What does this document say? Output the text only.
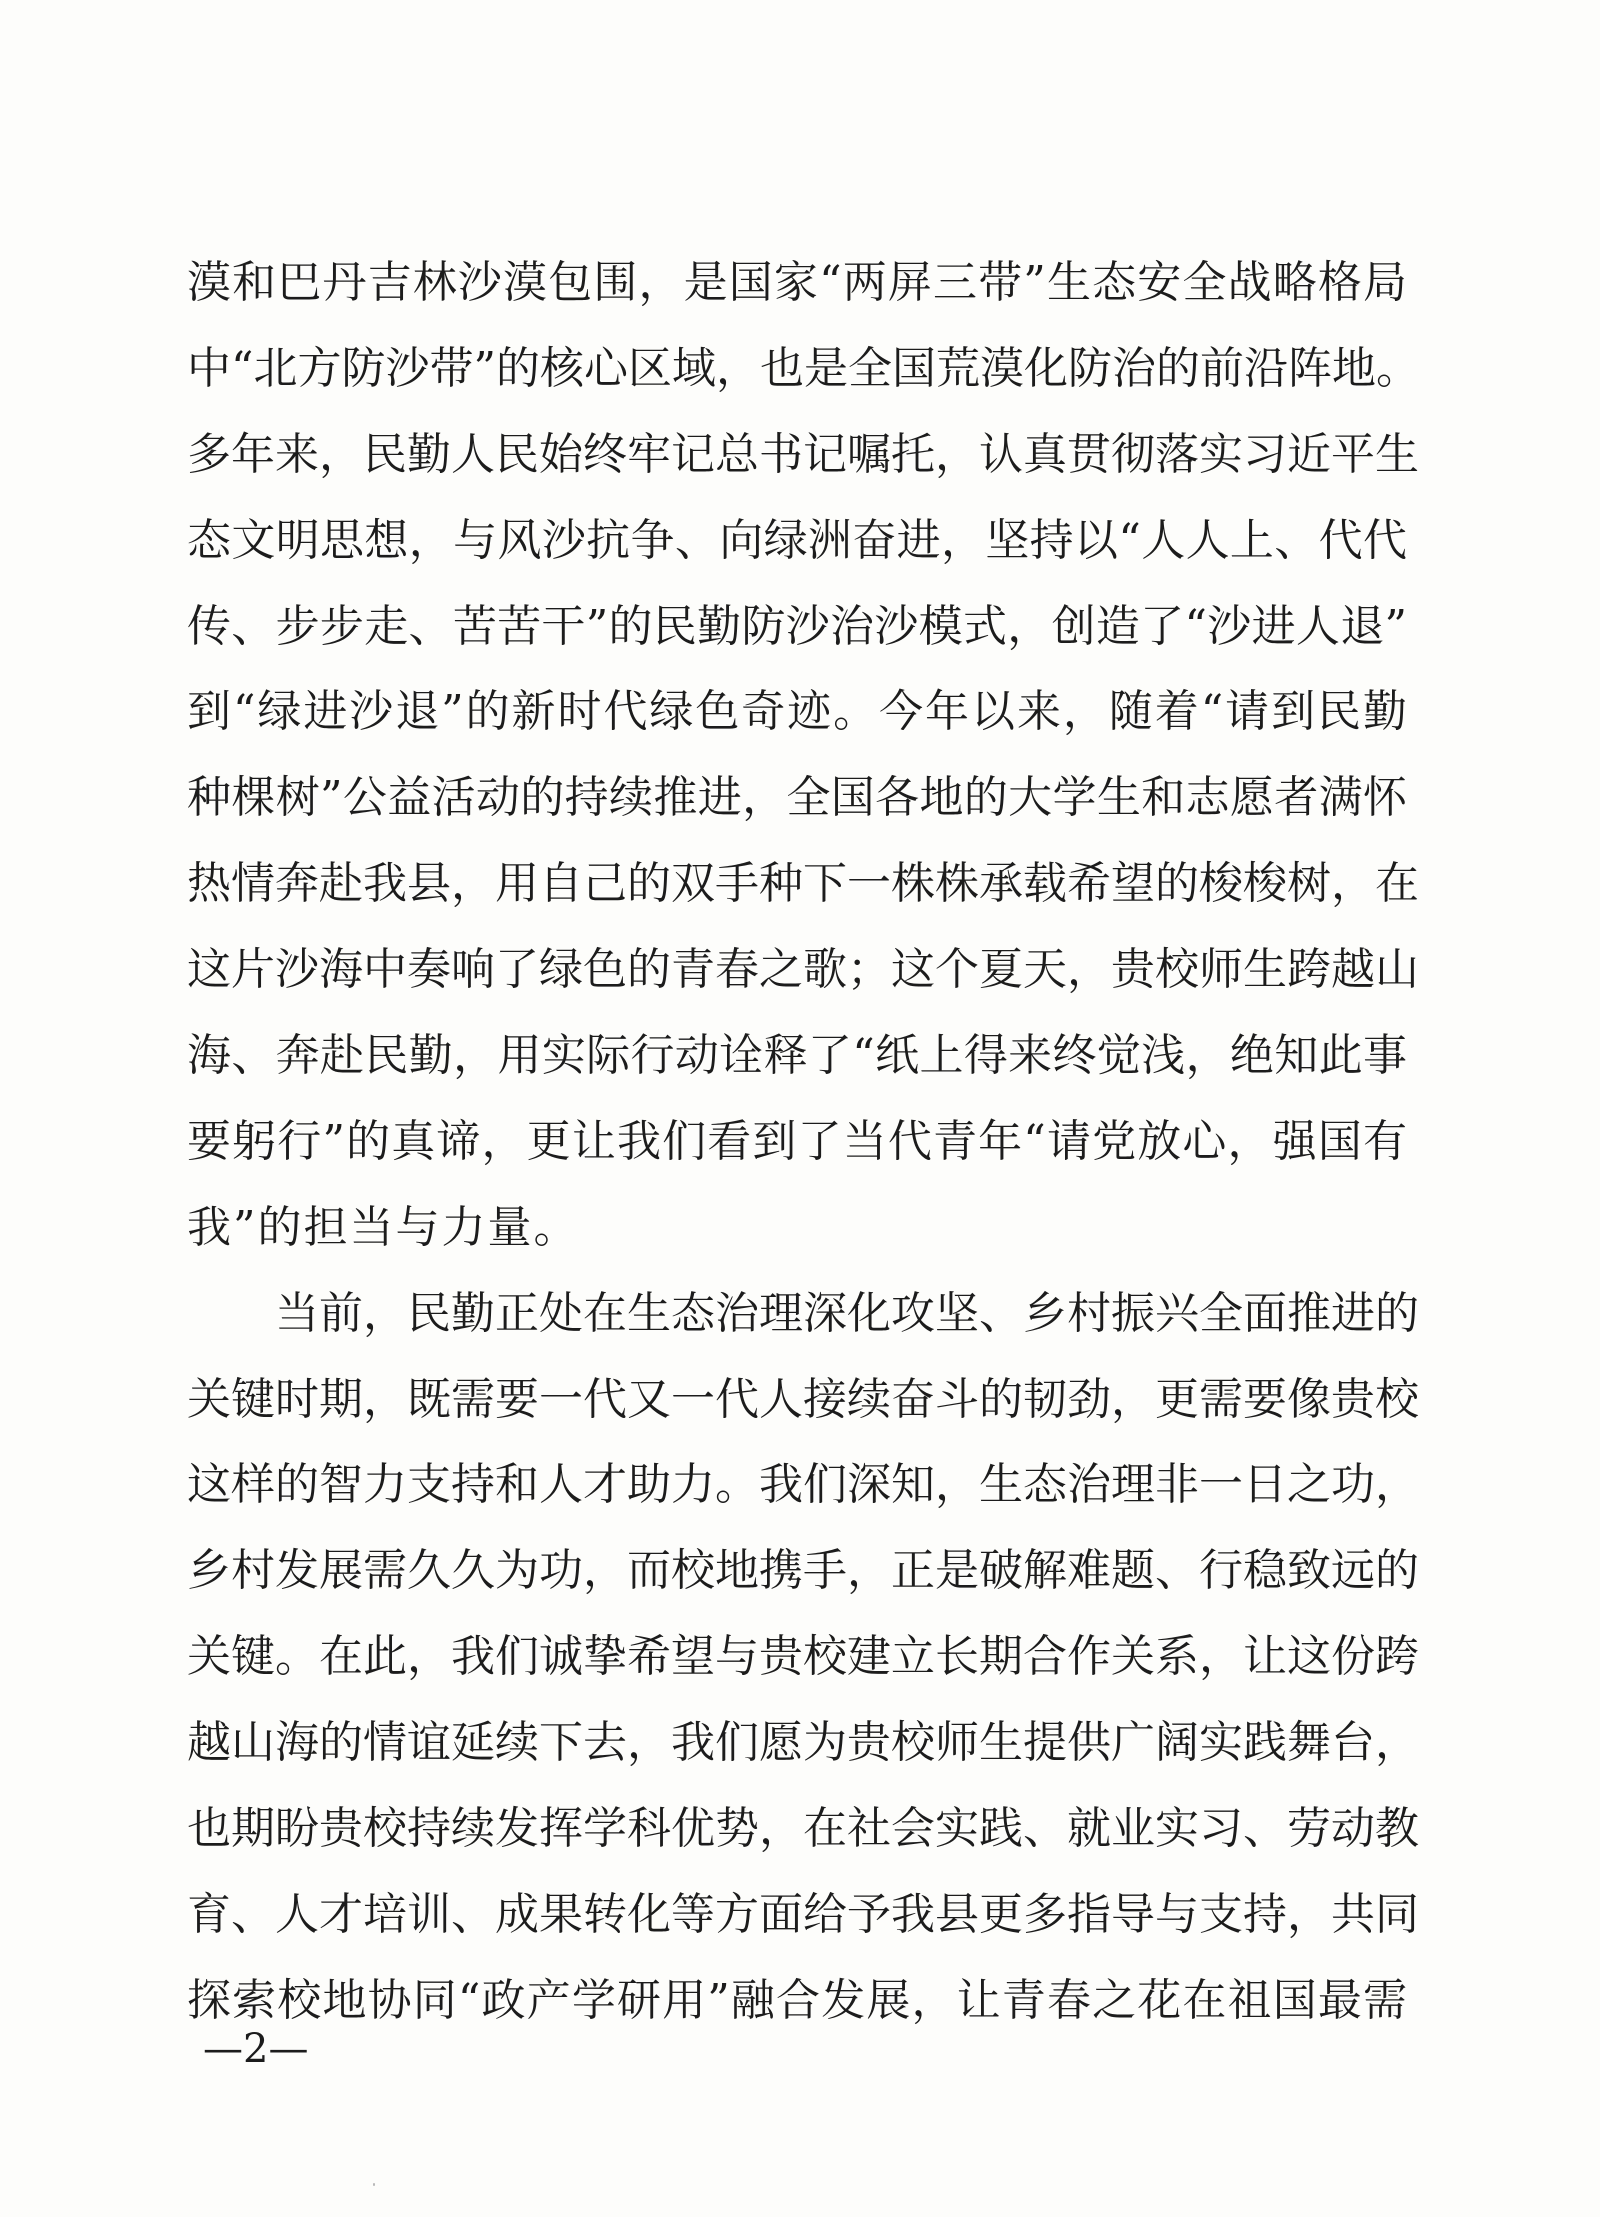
漠和巴丹吉林沙漠包围，是国家“两屏三带”生态安全战略格局
中“北方防沙带”的核心区域，也是全国荒漠化防治的前沿阵地。
多年来，民勤人民始终牢记总书记嘱托，认真贯彻落实习近平生
态文明思想，与风沙抗争、向绿洲奋进，坚持以“人人上、代代
传、步步走、苦苦干”的民勤防沙治沙模式，创造了“沙进人退”
到“绿进沙退”的新时代绿色奇迹。今年以来，随着“请到民勤
种棵树”公益活动的持续推进，全国各地的大学生和志愿者满怀
热情奔赴我县，用自己的双手种下一株株承载希望的梭梭树，在
这片沙海中奏响了绿色的青春之歌；这个夏天，贵校师生跨越山
海、奔赴民勤，用实际行动诠释了“纸上得来终觉浅，绝知此事
要躬行”的真谛，更让我们看到了当代青年“请党放心，强国有
我”的担当与力量。
当前，民勤正处在生态治理深化攻坚、乡村振兴全面推进的
关键时期，既需要一代又一代人接续奋斗的韧劲，更需要像贵校
这样的智力支持和人才助力。我们深知，生态治理非一日之功，
乡村发展需久久为功，而校地携手，正是破解难题、行稳致远的
关键。在此，我们诚挚希望与贵校建立长期合作关系，让这份跨
越山海的情谊延续下去，我们愿为贵校师生提供广阔实践舞台，
也期盼贵校持续发挥学科优势，在社会实践、就业实习、劳动教
育、人才培训、成果转化等方面给予我县更多指导与支持，共同
探索校地协同“政产学研用”融合发展，让青春之花在祖国最需
—2—
